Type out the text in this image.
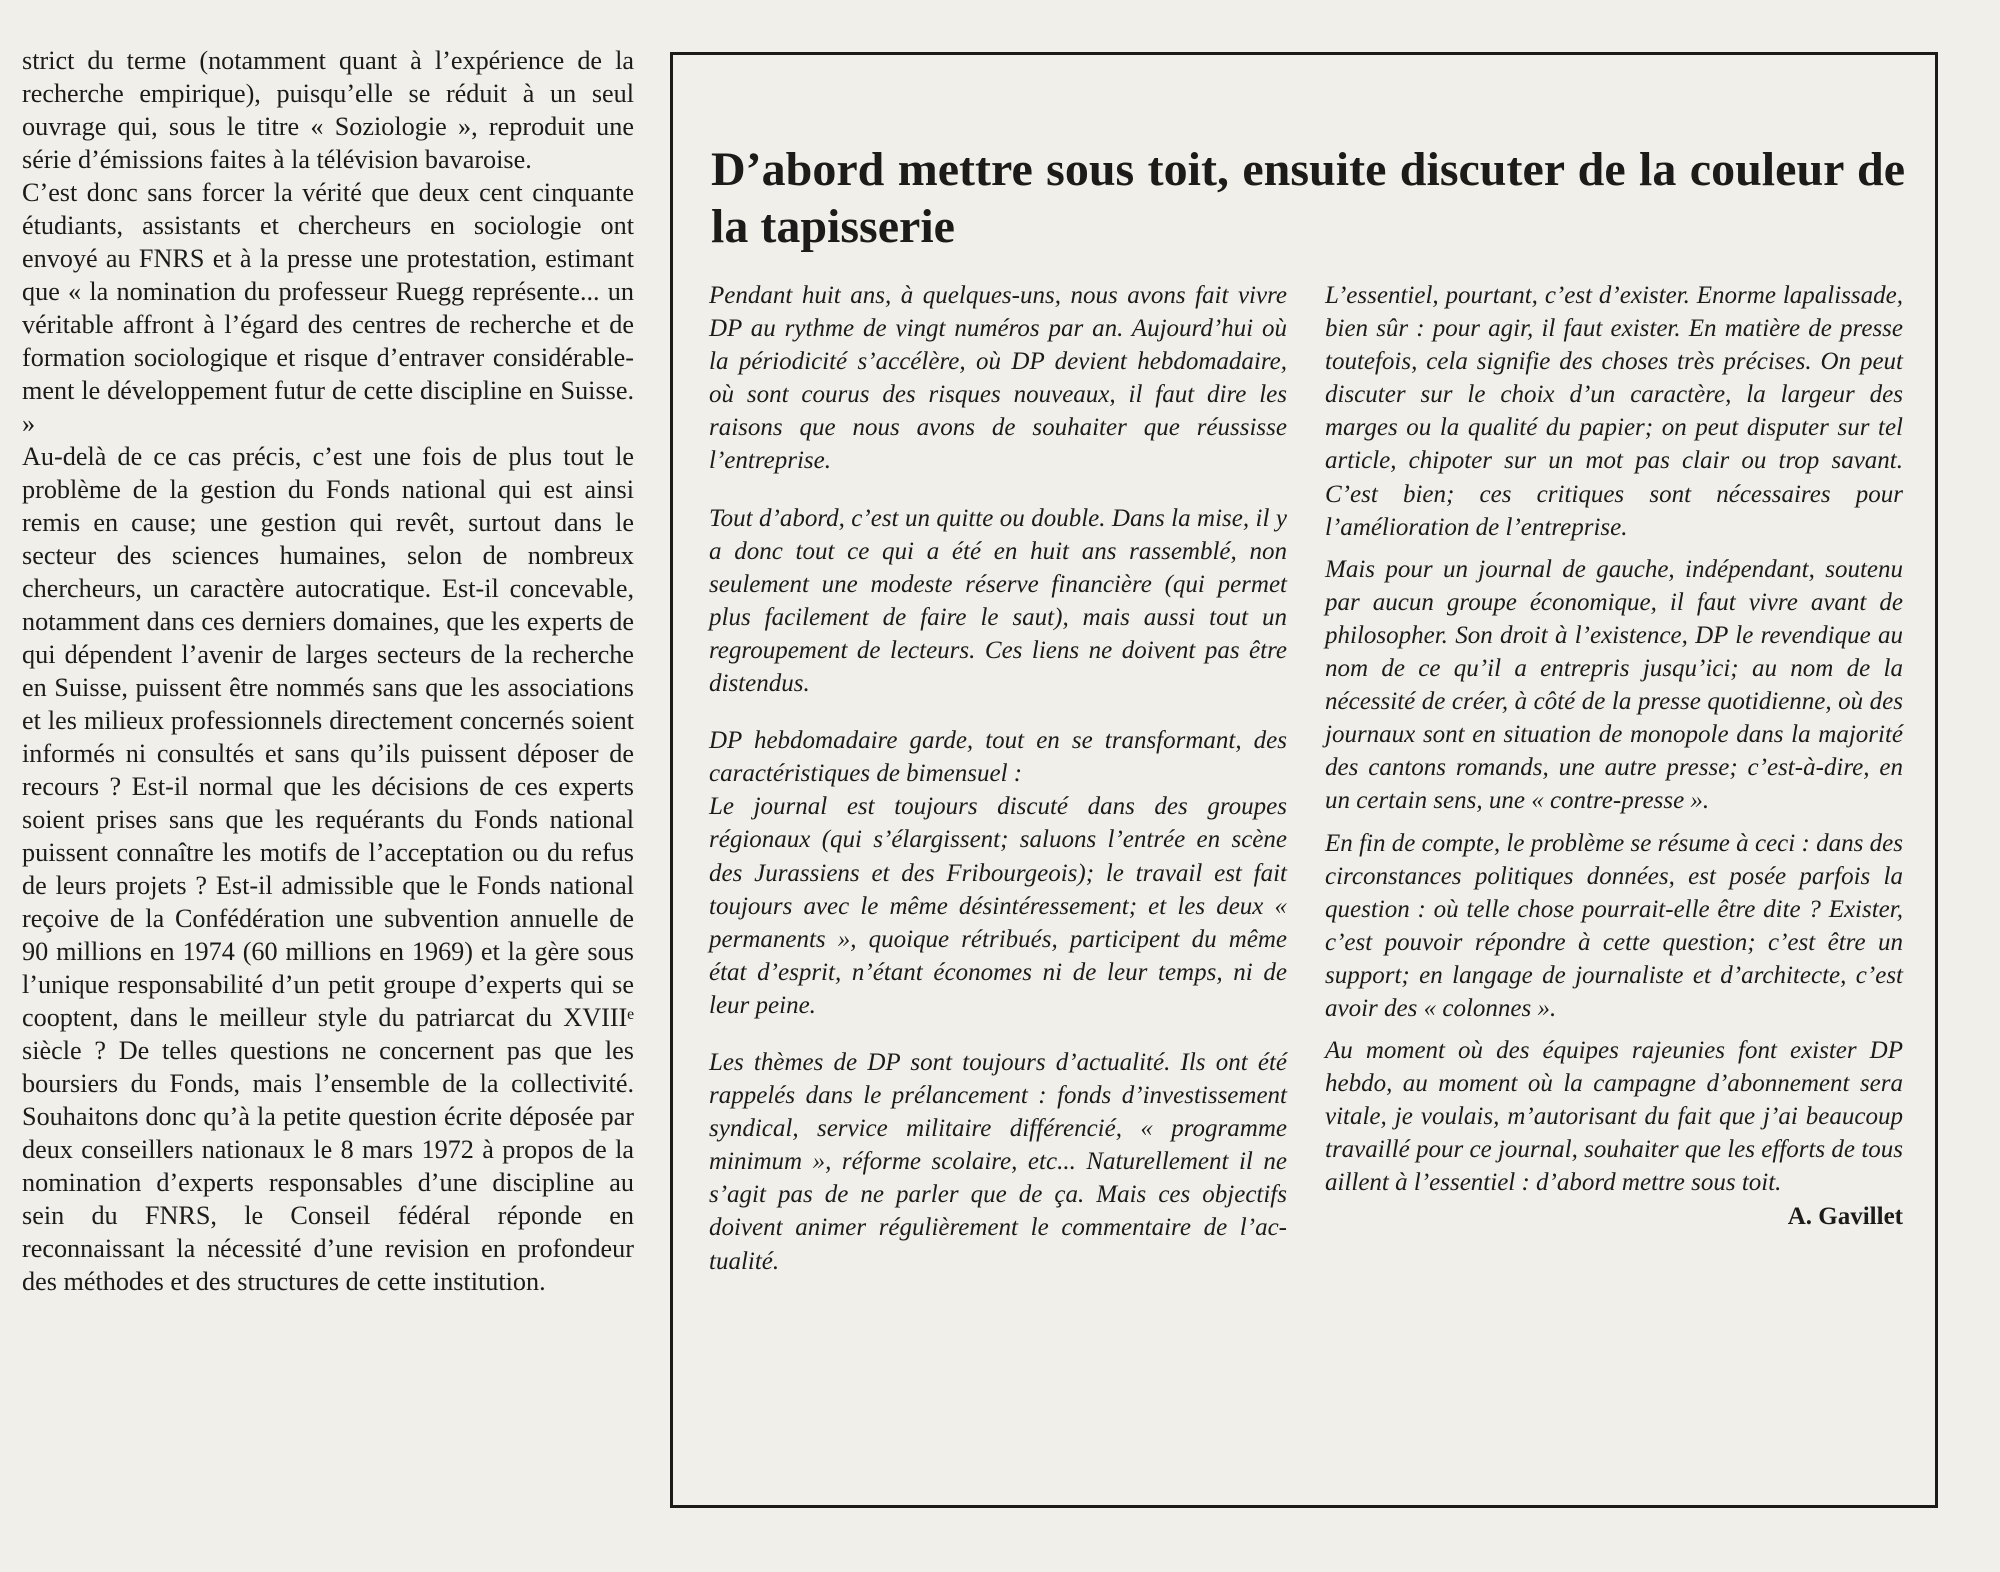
strict du terme (notamment quant à l’expérience de la recherche empirique), puisqu’elle se réduit à un seul ouvrage qui, sous le titre « Soziologie », reproduit une série d’émissions faites à la télévision bavaroise.

C’est donc sans forcer la vérité que deux cent cinquante étudiants, assistants et chercheurs en sociologie ont envoyé au FNRS et à la presse une protestation, estimant que « la nomination du professeur Ruegg représente... un véritable affront à l’égard des centres de recherche et de formation sociologique et risque d’entraver considérablement le développement futur de cette discipline en Suisse. »

Au-delà de ce cas précis, c’est une fois de plus tout le problème de la gestion du Fonds national qui est ainsi remis en cause; une gestion qui revêt, surtout dans le secteur des sciences humaines, selon de nombreux chercheurs, un caractère autocratique. Est-il concevable, notamment dans ces derniers domaines, que les experts de qui dépendent l’avenir de larges secteurs de la recherche en Suisse, puissent être nommés sans que les associations et les milieux professionnels directement concernés soient informés ni consultés et sans qu’ils puissent déposer de recours ? Est-il normal que les décisions de ces experts soient prises sans que les requérants du Fonds national puissent connaître les motifs de l’acceptation ou du refus de leurs projets ? Est-il admissible que le Fonds national reçoive de la Confédération une subvention annuelle de 90 millions en 1974 (60 millions en 1969) et la gère sous l’unique responsabilité d’un petit groupe d’experts qui se cooptent, dans le meilleur style du patriarcat du XVIIIᵉ siècle ? De telles questions ne concernent pas que les boursiers du Fonds, mais l’ensemble de la collectivité. Souhaitons donc qu’à la petite question écrite déposée par deux conseillers nationaux le 8 mars 1972 à propos de la nomination d’experts responsables d’une discipline au sein du FNRS, le Conseil fédéral réponde en reconnaissant la nécessité d’une revision en profondeur des méthodes et des structures de cette institution.

D’abord mettre sous toit, ensuite discuter de la couleur de la tapisserie

Pendant huit ans, à quelques-uns, nous avons fait vivre DP au rythme de vingt numéros par an. Aujourd’hui où la périodicité s’accélère, où DP devient hebdomadaire, où sont courus des risques nouveaux, il faut dire les raisons que nous avons de souhaiter que réussisse l’entreprise.

Tout d’abord, c’est un quitte ou double. Dans la mise, il y a donc tout ce qui a été en huit ans rassemblé, non seulement une modeste réserve financière (qui permet plus facilement de faire le saut), mais aussi tout un regroupement de lecteurs. Ces liens ne doivent pas être distendus.

DP hebdomadaire garde, tout en se transformant, des caractéristiques de bimensuel :

Le journal est toujours discuté dans des groupes régionaux (qui s’élargissent; saluons l’entrée en scène des Jurassiens et des Fribourgeois); le travail est fait toujours avec le même désintéressement; et les deux « permanents », quoique rétribués, participent du même état d’esprit, n’étant économes ni de leur temps, ni de leur peine.

Les thèmes de DP sont toujours d’actualité. Ils ont été rappelés dans le prélancement : fonds d’investissement syndical, service militaire différencié, « programme minimum », réforme scolaire, etc... Naturellement il ne s’agit pas de ne parler que de ça. Mais ces objectifs doivent animer régulièrement le commentaire de l’actualité.

L’essentiel, pourtant, c’est d’exister. Enorme lapalissade, bien sûr : pour agir, il faut exister. En matière de presse toutefois, cela signifie des choses très précises. On peut discuter sur le choix d’un caractère, la largeur des marges ou la qualité du papier; on peut disputer sur tel article, chipoter sur un mot pas clair ou trop savant. C’est bien; ces critiques sont nécessaires pour l’amélioration de l’entreprise.

Mais pour un journal de gauche, indépendant, soutenu par aucun groupe économique, il faut vivre avant de philosopher. Son droit à l’existence, DP le revendique au nom de ce qu’il a entrepris jusqu’ici; au nom de la nécessité de créer, à côté de la presse quotidienne, où des journaux sont en situation de monopole dans la majorité des cantons romands, une autre presse; c’est-à-dire, en un certain sens, une « contre-presse ».

En fin de compte, le problème se résume à ceci : dans des circonstances politiques données, est posée parfois la question : où telle chose pourrait-elle être dite ? Exister, c’est pouvoir répondre à cette question; c’est être un support; en langage de journaliste et d’architecte, c’est avoir des « colonnes ».

Au moment où des équipes rajeunies font exister DP hebdo, au moment où la campagne d’abonnement sera vitale, je voulais, m’autorisant du fait que j’ai beaucoup travaillé pour ce journal, souhaiter que les efforts de tous aillent à l’essentiel : d’abord mettre sous toit.

A. Gavillet
